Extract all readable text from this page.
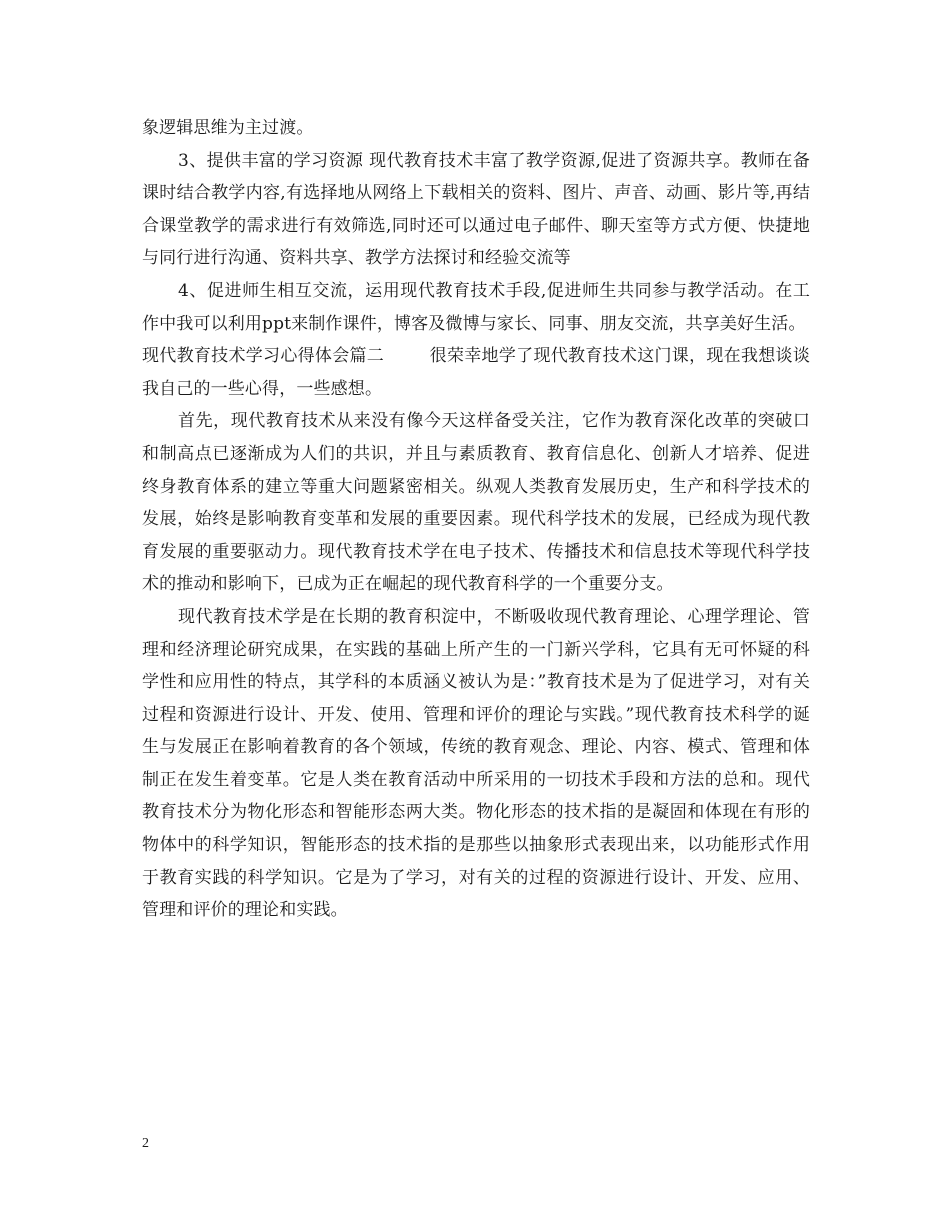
象逻辑思维为主过渡。

3、提供丰富的学习资源 现代教育技术丰富了教学资源,促进了资源共享。教师在备课时结合教学内容,有选择地从网络上下载相关的资料、图片、声音、动画、影片等,再结合课堂教学的需求进行有效筛选,同时还可以通过电子邮件、聊天室等方式方便、快捷地与同行进行沟通、资料共享、教学方法探讨和经验交流等

4、促进师生相互交流，运用现代教育技术手段,促进师生共同参与教学活动。在工作中我可以利用ppt来制作课件，博客及微博与家长、同事、朋友交流，共享美好生活。

现代教育技术学习心得体会篇二        很荣幸地学了现代教育技术这门课，现在我想谈谈我自己的一些心得，一些感想。

首先，现代教育技术从来没有像今天这样备受关注，它作为教育深化改革的突破口和制高点已逐渐成为人们的共识，并且与素质教育、教育信息化、创新人才培养、促进终身教育体系的建立等重大问题紧密相关。纵观人类教育发展历史，生产和科学技术的发展，始终是影响教育变革和发展的重要因素。现代科学技术的发展，已经成为现代教育发展的重要驱动力。现代教育技术学在电子技术、传播技术和信息技术等现代科学技术的推动和影响下，已成为正在崛起的现代教育科学的一个重要分支。

现代教育技术学是在长期的教育积淀中，不断吸收现代教育理论、心理学理论、管理和经济理论研究成果，在实践的基础上所产生的一门新兴学科，它具有无可怀疑的科学性和应用性的特点，其学科的本质涵义被认为是：”教育技术是为了促进学习，对有关过程和资源进行设计、开发、使用、管理和评价的理论与实践。”现代教育技术科学的诞生与发展正在影响着教育的各个领域，传统的教育观念、理论、内容、模式、管理和体制正在发生着变革。它是人类在教育活动中所采用的一切技术手段和方法的总和。现代教育技术分为物化形态和智能形态两大类。物化形态的技术指的是凝固和体现在有形的物体中的科学知识，智能形态的技术指的是那些以抽象形式表现出来，以功能形式作用于教育实践的科学知识。它是为了学习，对有关的过程的资源进行设计、开发、应用、管理和评价的理论和实践。

2
